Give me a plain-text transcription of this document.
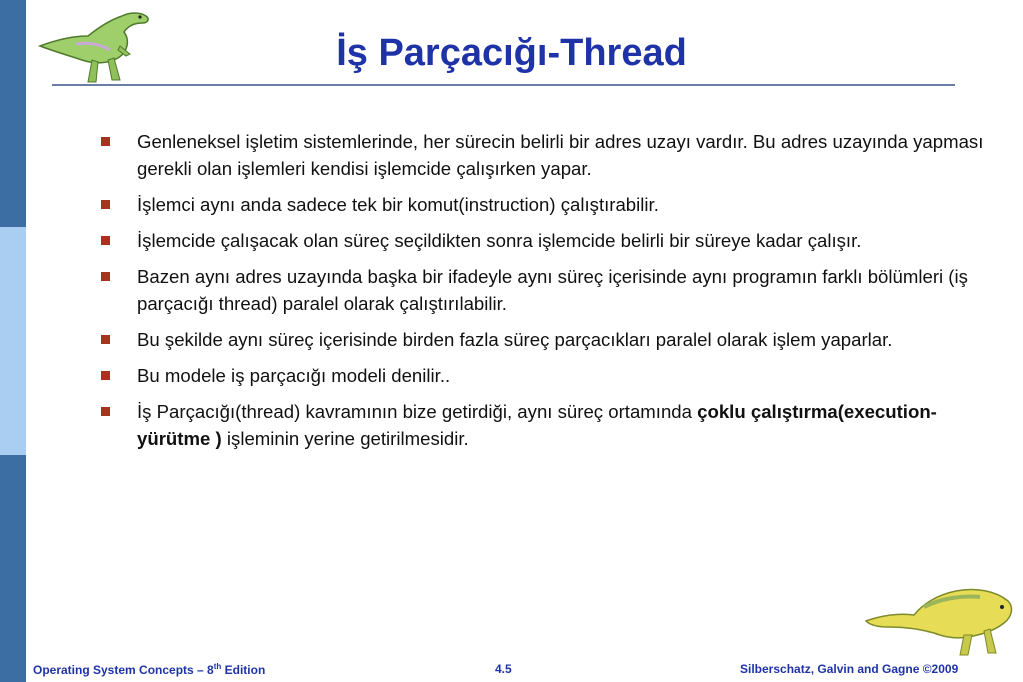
İş Parçacığı-Thread
Genleneksel işletim sistemlerinde, her sürecin belirli bir adres uzayı vardır. Bu adres uzayında yapması gerekli olan işlemleri kendisi işlemcide çalışırken yapar.
İşlemci aynı anda sadece tek bir komut(instruction) çalıştırabilir.
İşlemcide çalışacak olan süreç seçildikten sonra işlemcide belirli bir süreye kadar çalışır.
Bazen aynı adres uzayında başka bir ifadeyle aynı süreç içerisinde aynı programın farklı bölümleri (iş parçacığı thread) paralel olarak çalıştırılabilir.
Bu şekilde aynı süreç içerisinde birden fazla süreç parçacıkları paralel olarak işlem yaparlar.
Bu modele iş parçacığı modeli denilir..
İş Parçacığı(thread) kavramının bize getirdiği, aynı süreç ortamında çoklu çalıştırma(execution-yürütme ) işleminin yerine getirilmesidir.
Operating System Concepts – 8th Edition	4.5	Silberschatz, Galvin and Gagne ©2009
